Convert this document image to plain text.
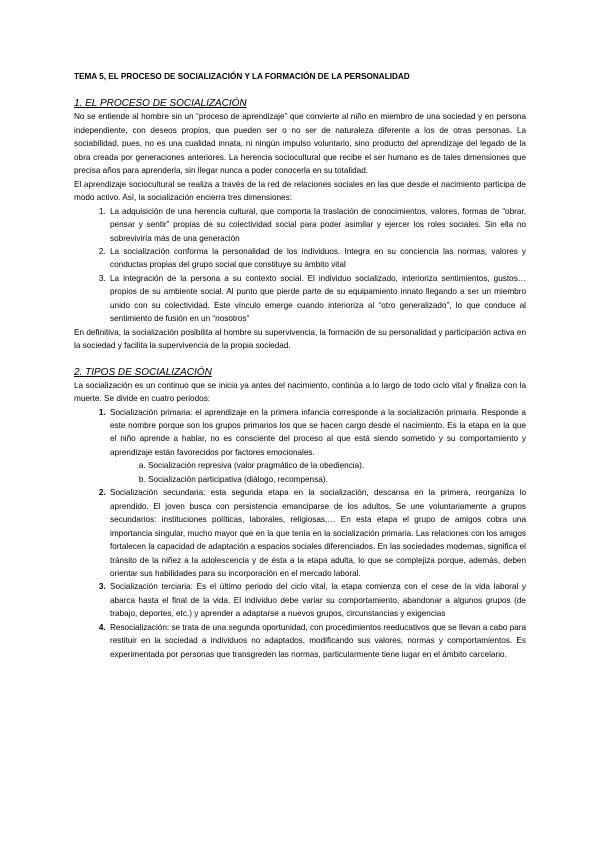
TEMA 5, EL PROCESO DE SOCIALIZACIÓN Y LA FORMACIÓN DE LA PERSONALIDAD
1. EL PROCESO DE SOCIALIZACIÓN

No se entiende al hombre sin un “proceso de aprendizaje” que convierte al niño en miembro de una sociedad y en persona independiente, con deseos propios, que pueden ser o no ser de naturaleza diferente a los de otras personas. La sociabilidad, pues, no es una cualidad innata, ni ningún impulso voluntario, sino producto del aprendizaje del legado de la obra creada por generaciones anteriores. La herencia sociocultural que recibe el ser humano es de tales dimensiones que precisa años para aprenderla, sin llegar nunca a poder conocerla en su totalidad.

El aprendizaje sociocultural se realiza a través de la red de relaciones sociales en las que desde el nacimiento participa de modo activo. Así, la socialización encierra tres dimensiones:

1. La adquisición de una herencia cultural, que comporta la traslación de conocimientos, valores, formas de “obrar, pensar y sentir” propias de su colectividad social para poder asimilar y ejercer los roles sociales. Sin ella no sobreviviría más de una generación
2. La socialización conforma la personalidad de los individuos. Integra en su conciencia las normas, valores y conductas propias del grupo social que constituye su ámbito vital
3. La integración de la persona a su contexto social. El individuo socializado, interioriza sentimientos, gustos… propios de su ambiente social. Al punto que pierde parte de su equipamiento innato llegando a ser un miembro unido con su colectividad. Este vínculo emerge cuando interioriza al “otro generalizado”, lo que conduce al sentimiento de fusión en un “nosotros”

En definitiva, la socialización posibilita al hombre su supervivencia, la formación de su personalidad y participación activa en la sociedad y facilita la supervivencia de la propia sociedad.

2. TIPOS DE SOCIALIZACIÓN

La socialización es un continuo que se inicia ya antes del nacimiento, continúa a lo largo de todo ciclo vital y finaliza con la muerte. Se divide en cuatro periodos:

1. Socialización primaria: el aprendizaje en la primera infancia corresponde a la socialización primaria. Responde a este nombre porque son los grupos primarios los que se hacen cargo desde el nacimiento. Es la etapa en la que el niño aprende a hablar, no es consciente del proceso al que está siendo sometido y su comportamiento y aprendizaje están favorecidos por factores emocionales.
a. Socialización represiva (valor pragmático de la obediencia).
b. Socialización participativa (diálogo, recompensa).
2. Socialización secundaria: esta segunda etapa en la socialización, descansa en la primera, reorganiza lo aprendido. El joven busca con persistencia emanciparse de los adultos. Se une voluntariamente a grupos secundarios: instituciones políticas, laborales, religiosas,… En esta etapa el grupo de amigos cobra una importancia singular, mucho mayor que en la que tenía en la socialización primaria. Las relaciones con los amigos fortalecen la capacidad de adaptación a espacios sociales diferenciados. En las sociedades modernas, significa el tránsito de la niñez a la adolescencia y de ésta a la etapa adulta, lo que se complejiza porque, además, deben orientar sus habilidades para su incorporación en el mercado laboral.
3. Socialización terciaria: Es el último periodo del ciclo vital, la etapa comienza con el cese de la vida laboral y abarca hasta el final de la vida. El individuo debe variar su comportamiento, abandonar a algunos grupos (de trabajo, deportes, etc.) y aprender a adaptarse a nuevos grupos, circunstancias y exigencias
4. Resocialización: se trata de una segunda oportunidad, con procedimientos reeducativos que se llevan a cabo para restituir en la sociedad a individuos no adaptados, modificando sus valores, normas y comportamientos. Es experimentada por personas que transgreden las normas, particularmente tiene lugar en el ámbito carcelario.
